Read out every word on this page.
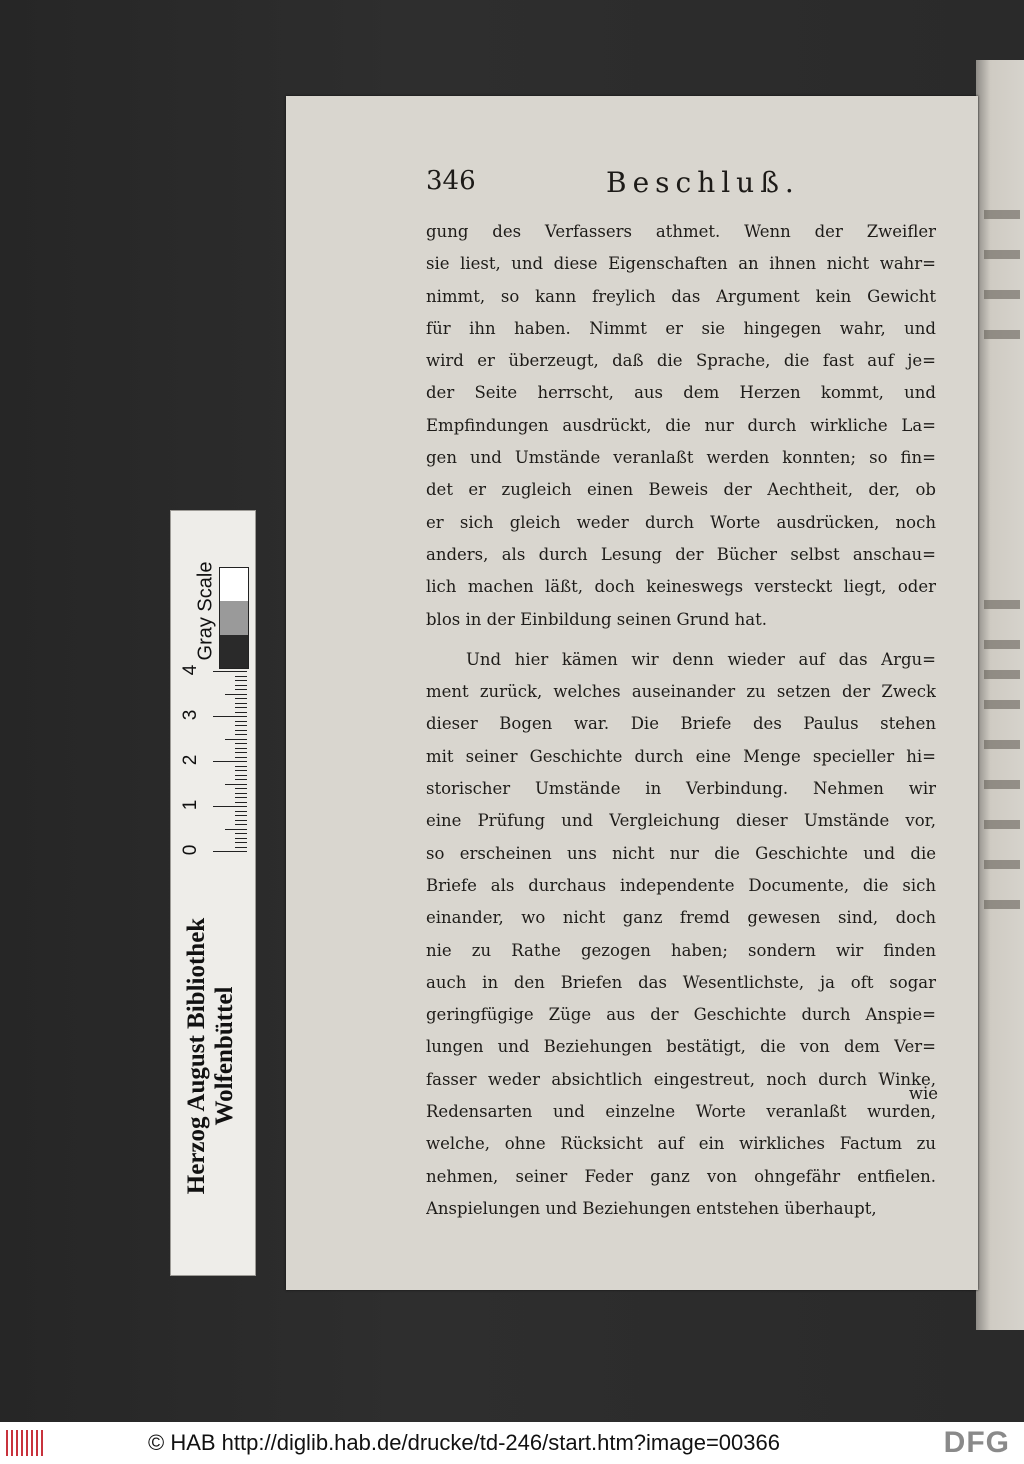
346	Beschluß.
gung des Verfassers athmet. Wenn der Zweifler
sie liest, und diese Eigenschaften an ihnen nicht wahr=
nimmt, so kann freylich das Argument kein Gewicht
für ihn haben. Nimmt er sie hingegen wahr, und
wird er überzeugt, daß die Sprache, die fast auf je=
der Seite herrscht, aus dem Herzen kommt, und
Empfindungen ausdrückt, die nur durch wirkliche La=
gen und Umstände veranlaßt werden konnten; so fin=
det er zugleich einen Beweis der Aechtheit, der, ob
er sich gleich weder durch Worte ausdrücken, noch
anders, als durch Lesung der Bücher selbst anschau=
lich machen läßt, doch keineswegs versteckt liegt, oder
blos in der Einbildung seinen Grund hat.
Und hier kämen wir denn wieder auf das Argu=
ment zurück, welches auseinander zu setzen der Zweck
dieser Bogen war. Die Briefe des Paulus stehen
mit seiner Geschichte durch eine Menge specieller hi=
storischer Umstände in Verbindung. Nehmen wir
eine Prüfung und Vergleichung dieser Umstände vor,
so erscheinen uns nicht nur die Geschichte und die
Briefe als durchaus independente Documente, die sich
einander, wo nicht ganz fremd gewesen sind, doch
nie zu Rathe gezogen haben; sondern wir finden
auch in den Briefen das Wesentlichste, ja oft sogar
geringfügige Züge aus der Geschichte durch Anspie=
lungen und Beziehungen bestätigt, die von dem Ver=
fasser weder absichtlich eingestreut, noch durch Winke,
Redensarten und einzelne Worte veranlaßt wurden,
welche, ohne Rücksicht auf ein wirkliches Factum zu
nehmen, seiner Feder ganz von ohngefähr entfielen.
Anspielungen und Beziehungen entstehen überhaupt,
wie
Gray Scale
0
1
2
3
4
Herzog August Bibliothek
Wolfenbüttel
© HAB http://diglib.hab.de/drucke/td-246/start.htm?image=00366	DFG
